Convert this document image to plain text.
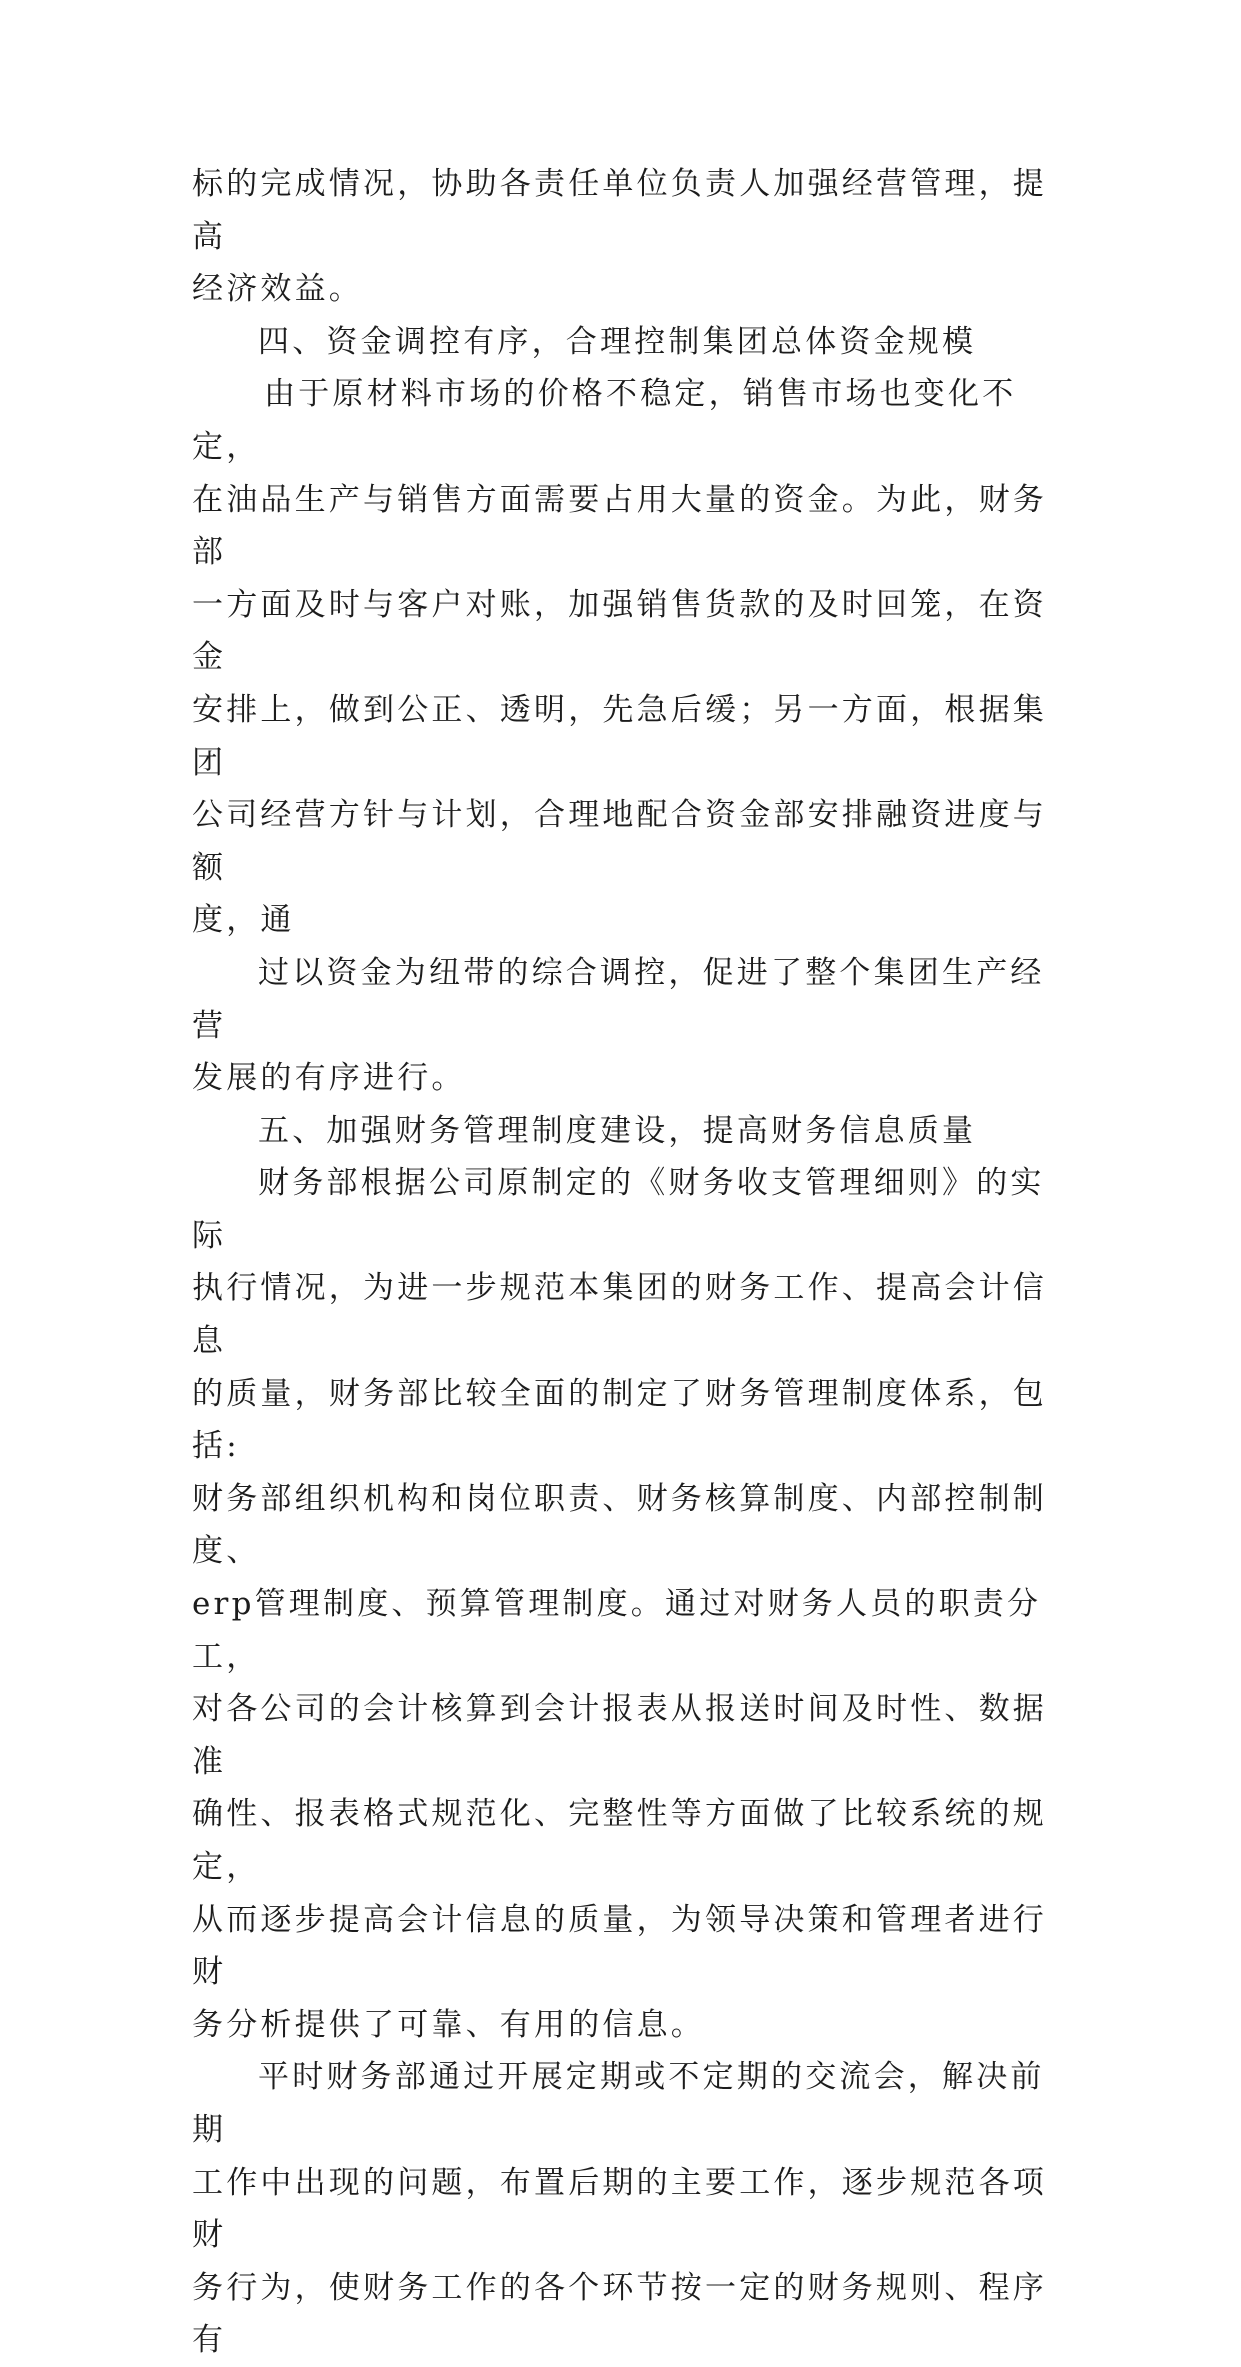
标的完成情况，协助各责任单位负责人加强经营管理，提高
经济效益。

四、资金调控有序，合理控制集团总体资金规模

由于原材料市场的价格不稳定，销售市场也变化不定，
在油品生产与销售方面需要占用大量的资金。为此，财务部
一方面及时与客户对账，加强销售货款的及时回笼，在资金
安排上，做到公正、透明，先急后缓；另一方面，根据集团
公司经营方针与计划，合理地配合资金部安排融资进度与额
度，通

过以资金为纽带的综合调控，促进了整个集团生产经营
发展的有序进行。

五、加强财务管理制度建设，提高财务信息质量

财务部根据公司原制定的《财务收支管理细则》的实际
执行情况，为进一步规范本集团的财务工作、提高会计信息
的质量，财务部比较全面的制定了财务管理制度体系，包括:
财务部组织机构和岗位职责、财务核算制度、内部控制制度、
erp管理制度、预算管理制度。通过对财务人员的职责分工，
对各公司的会计核算到会计报表从报送时间及时性、数据准
确性、报表格式规范化、完整性等方面做了比较系统的规定，
从而逐步提高会计信息的质量，为领导决策和管理者进行财
务分析提供了可靠、有用的信息。

平时财务部通过开展定期或不定期的交流会，解决前期
工作中出现的问题，布置后期的主要工作，逐步规范各项财
务行为，使财务工作的各个环节按一定的财务规则、程序有
